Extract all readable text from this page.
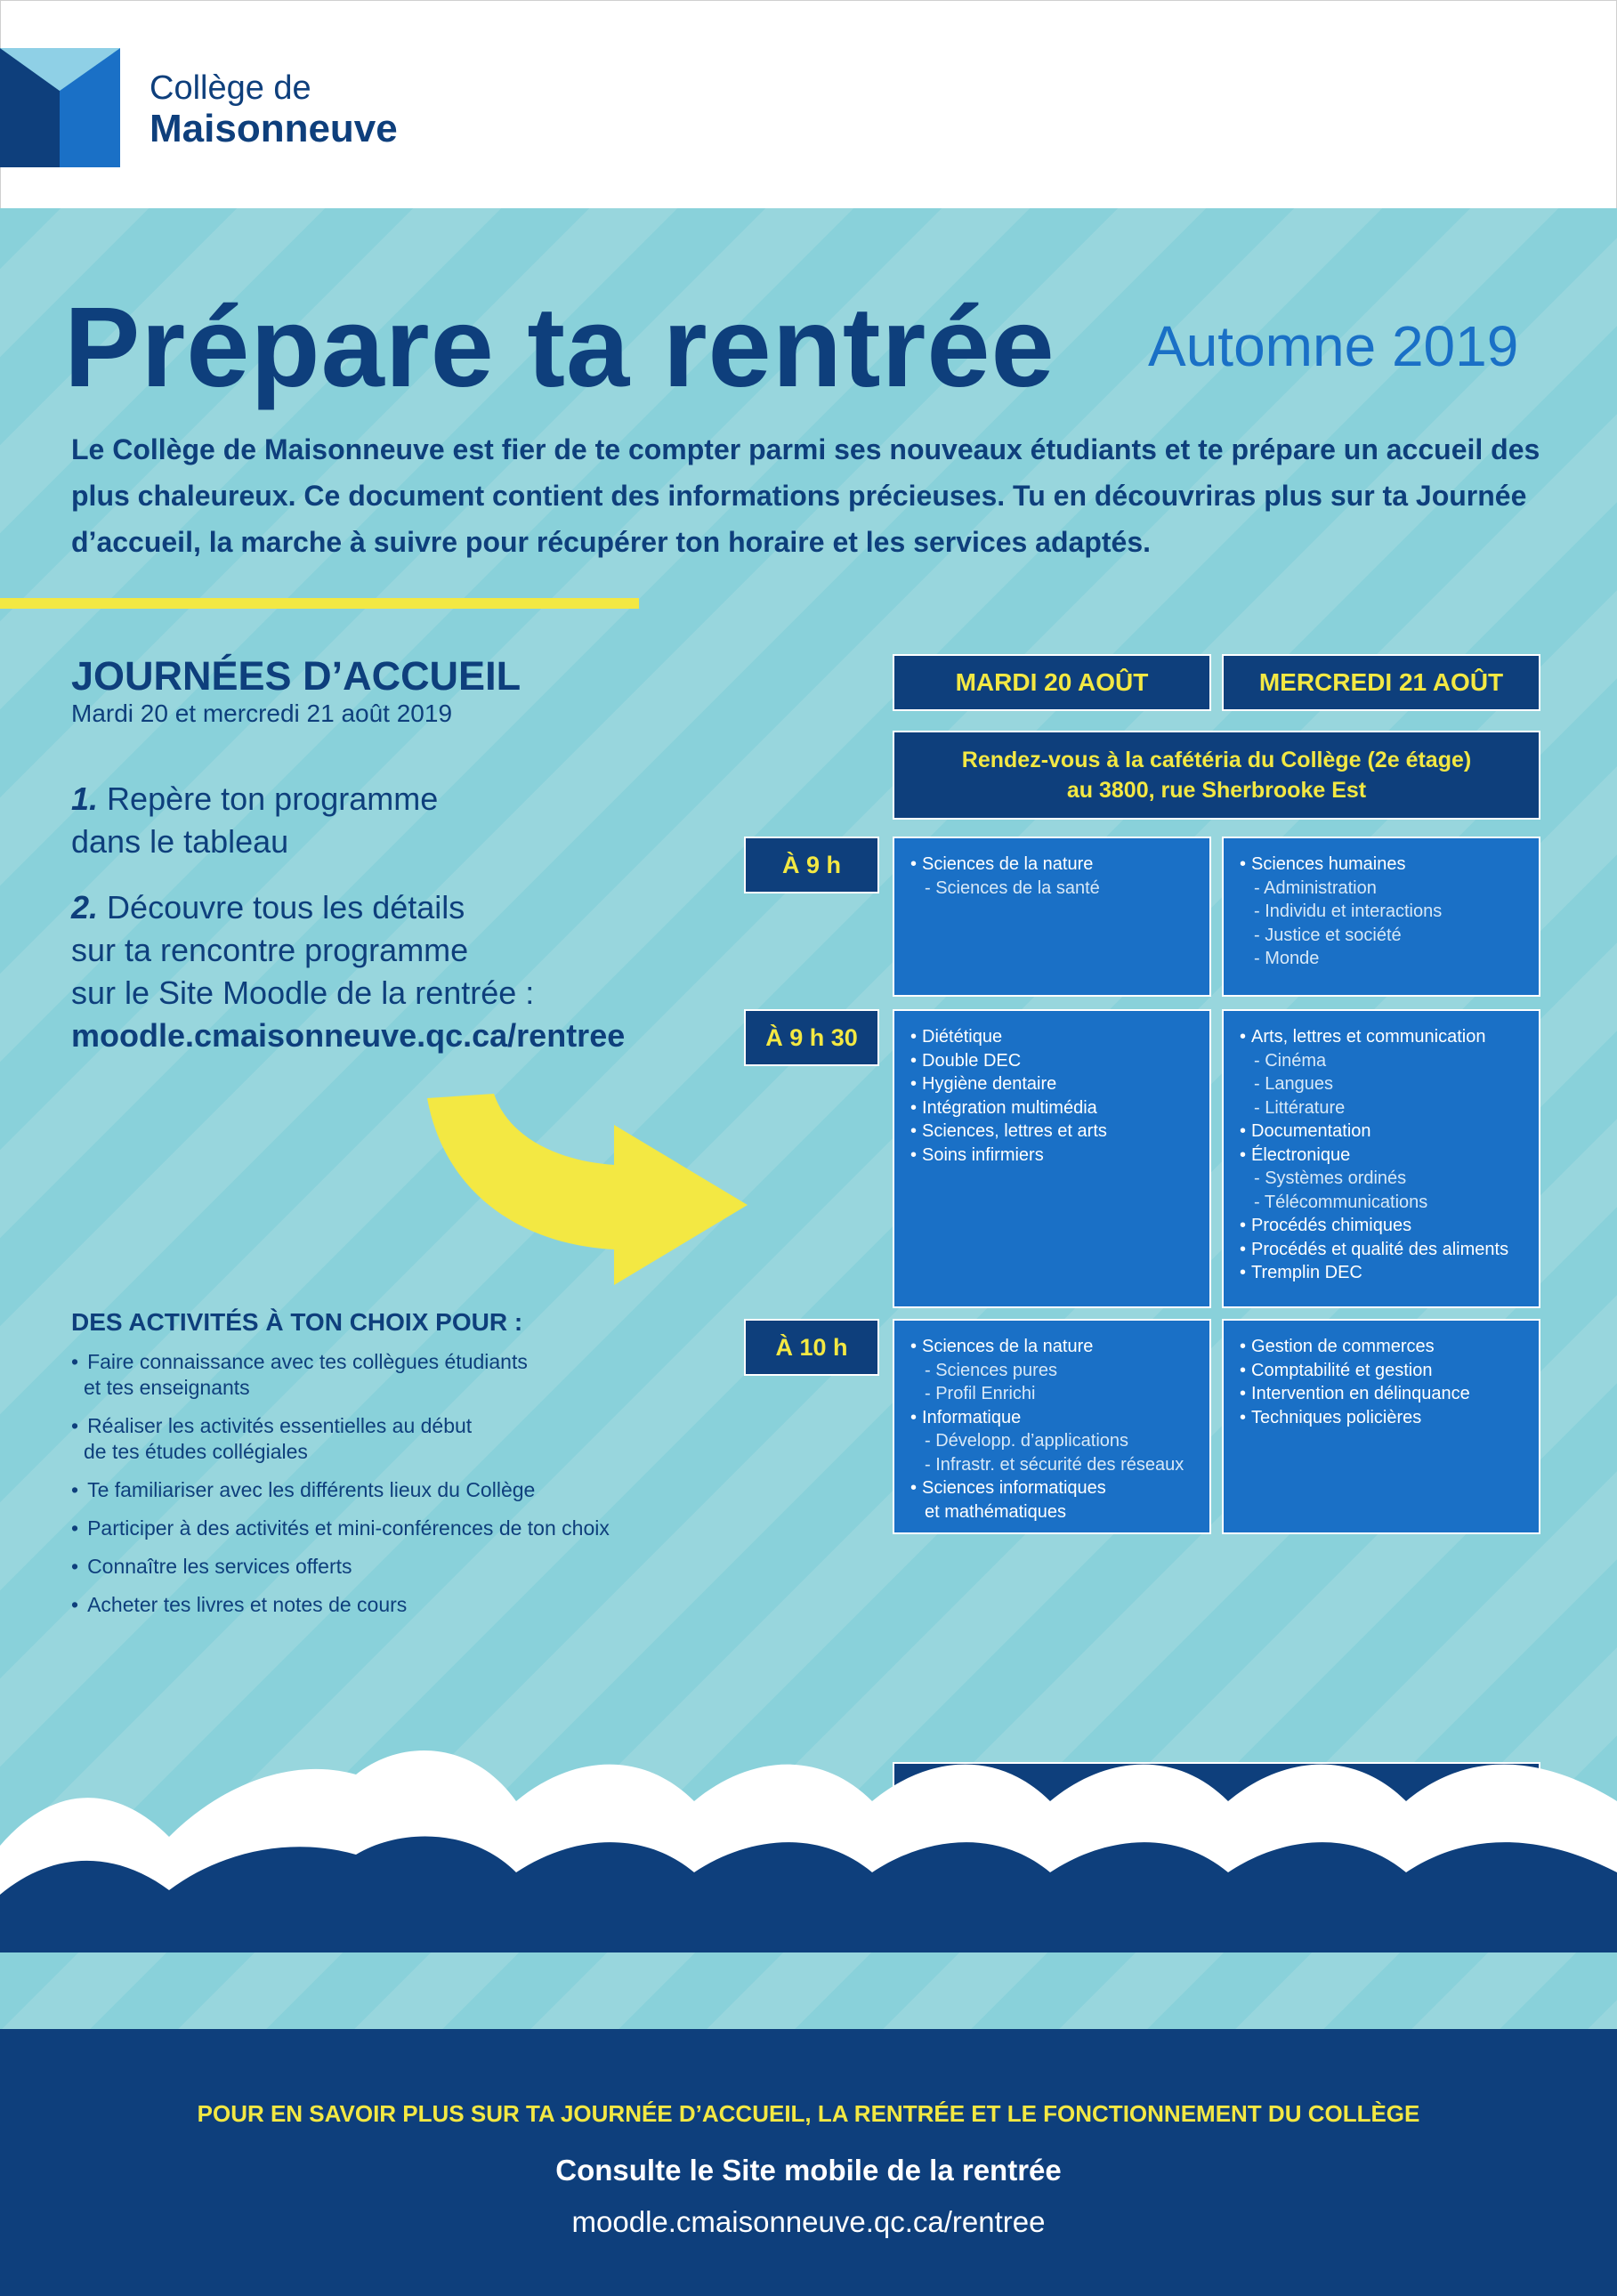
Collège de
Maisonneuve
Prépare ta rentrée Automne 2019
Le Collège de Maisonneuve est fier de te compter parmi ses nouveaux étudiants et te prépare un accueil des plus chaleureux. Ce document contient des informations précieuses. Tu en découvriras plus sur ta Journée d’accueil, la marche à suivre pour récupérer ton horaire et les services adaptés.
JOURNÉES D’ACCUEIL
Mardi 20 et mercredi 21 août 2019
1. Repère ton programme
dans le tableau
2. Découvre tous les détails
sur ta rencontre programme
sur le Site Moodle de la rentrée :
moodle.cmaisonneuve.qc.ca/rentree
DES ACTIVITÉS À TON CHOIX POUR :
• Faire connaissance avec tes collègues étudiants
et tes enseignants
• Réaliser les activités essentielles au début
de tes études collégiales
• Te familiariser avec les différents lieux du Collège
• Participer à des activités et mini-conférences de ton choix
• Connaître les services offerts
• Acheter tes livres et notes de cours
MARDI 20 AOÛT	MERCREDI 21 AOÛT
Rendez-vous à la cafétéria du Collège (2e étage)
au 3800, rue Sherbrooke Est
À 9 h
À 9 h 30
À 10 h
• Sciences de la nature
- Sciences de la santé
• Sciences humaines
- Administration
- Individu et interactions
- Justice et société
- Monde
• Diététique
• Double DEC
• Hygiène dentaire
• Intégration multimédia
• Sciences, lettres et arts
• Soins infirmiers
• Arts, lettres et communication
- Cinéma
- Langues
- Littérature
• Documentation
• Électronique
- Systèmes ordinés
- Télécommunications
• Procédés chimiques
• Procédés et qualité des aliments
• Tremplin DEC
• Sciences de la nature
- Sciences pures
- Profil Enrichi
• Informatique
- Développ. d’applications
- Infrastr. et sécurité des réseaux
• Sciences informatiques
et mathématiques
• Gestion de commerces
• Comptabilité et gestion
• Intervention en délinquance
• Techniques policières
POUR EN SAVOIR PLUS SUR TA JOURNÉE D’ACCUEIL, LA RENTRÉE ET LE FONCTIONNEMENT DU COLLÈGE
Consulte le Site mobile de la rentrée
moodle.cmaisonneuve.qc.ca/rentree
